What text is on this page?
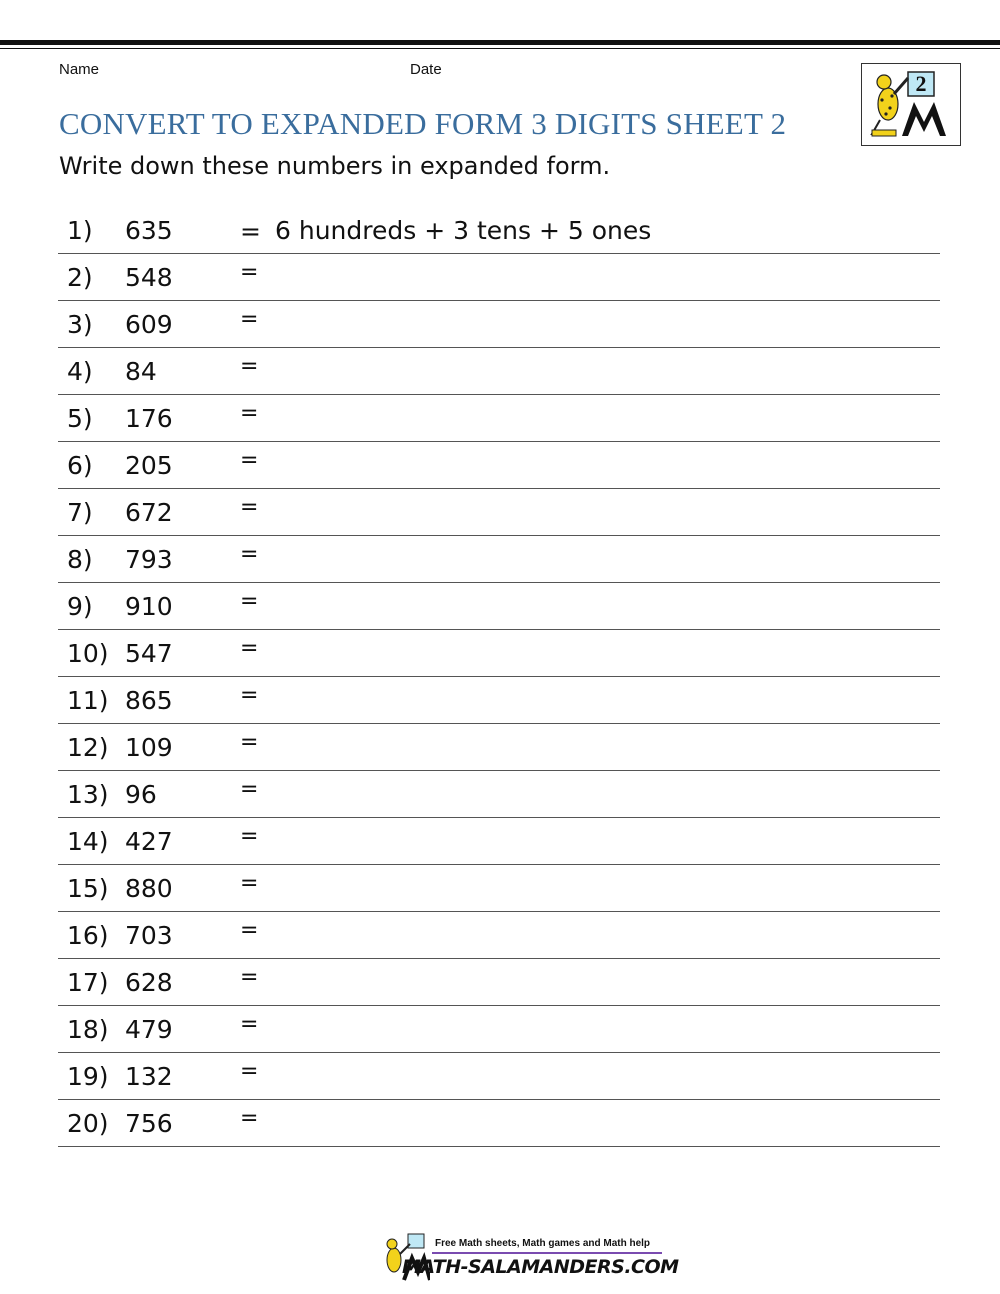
Name	Date
CONVERT TO EXPANDED FORM 3 DIGITS SHEET 2
Write down these numbers in expanded form.
2
1) 635	= 6 hundreds + 3 tens + 5 ones
2) 548	=
3) 609	=
4) 84	=
5) 176	=
6) 205	=
7) 672	=
8) 793	=
9) 910	=
10) 547	=
11) 865	=
12) 109	=
13) 96	=
14) 427	=
15) 880	=
16) 703	=
17) 628	=
18) 479	=
19) 132	=
20) 756	=
Free Math sheets, Math games and Math help
MATH-SALAMANDERS.COM
